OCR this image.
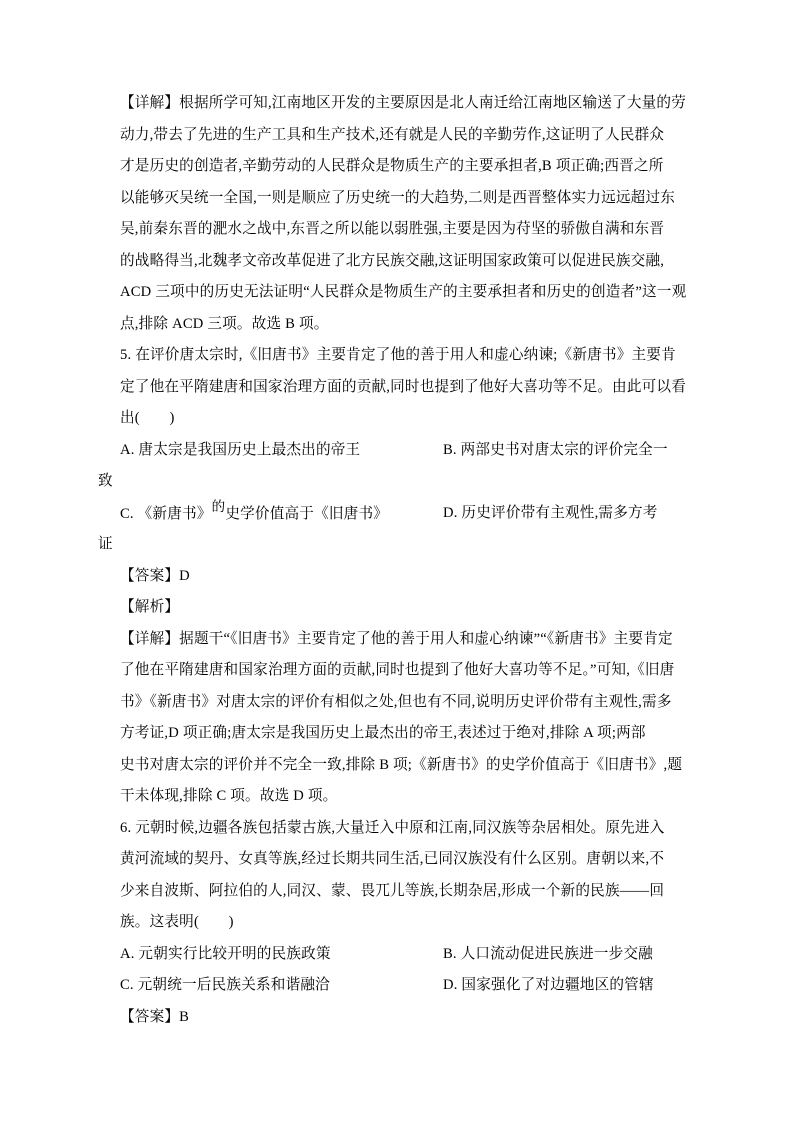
【详解】根据所学可知,江南地区开发的主要原因是北人南迁给江南地区输送了大量的劳
动力,带去了先进的生产工具和生产技术,还有就是人民的辛勤劳作,这证明了人民群众
才是历史的创造者,辛勤劳动的人民群众是物质生产的主要承担者,B 项正确;西晋之所
以能够灭吴统一全国,一则是顺应了历史统一的大趋势,二则是西晋整体实力远远超过东
吴,前秦东晋的淝水之战中,东晋之所以能以弱胜强,主要是因为苻坚的骄傲自满和东晋
的战略得当,北魏孝文帝改革促进了北方民族交融,这证明国家政策可以促进民族交融,
ACD 三项中的历史无法证明“人民群众是物质生产的主要承担者和历史的创造者”这一观
点,排除 ACD 三项。故选 B 项。
5. 在评价唐太宗时,《旧唐书》主要肯定了他的善于用人和虚心纳谏;《新唐书》主要肯
定了他在平隋建唐和国家治理方面的贡献,同时也提到了他好大喜功等不足。由此可以看
出(　　)
A. 唐太宗是我国历史上最杰出的帝王	B. 两部史书对唐太宗的评价完全一
致
C. 《新唐书》的史学价值高于《旧唐书》	D. 历史评价带有主观性,需多方考
证
【答案】D
【解析】
【详解】据题干“《旧唐书》主要肯定了他的善于用人和虚心纳谏”“《新唐书》主要肯定
了他在平隋建唐和国家治理方面的贡献,同时也提到了他好大喜功等不足。”可知,《旧唐
书》《新唐书》对唐太宗的评价有相似之处,但也有不同,说明历史评价带有主观性,需多
方考证,D 项正确;唐太宗是我国历史上最杰出的帝王,表述过于绝对,排除 A 项;两部
史书对唐太宗的评价并不完全一致,排除 B 项;《新唐书》的史学价值高于《旧唐书》,题
干未体现,排除 C 项。故选 D 项。
6. 元朝时候,边疆各族包括蒙古族,大量迁入中原和江南,同汉族等杂居相处。原先进入
黄河流域的契丹、女真等族,经过长期共同生活,已同汉族没有什么区别。唐朝以来,不
少来自波斯、阿拉伯的人,同汉、蒙、畏兀儿等族,长期杂居,形成一个新的民族——回
族。这表明(　　)
A. 元朝实行比较开明的民族政策	B. 人口流动促进民族进一步交融
C. 元朝统一后民族关系和谐融洽	D. 国家强化了对边疆地区的管辖
【答案】B
